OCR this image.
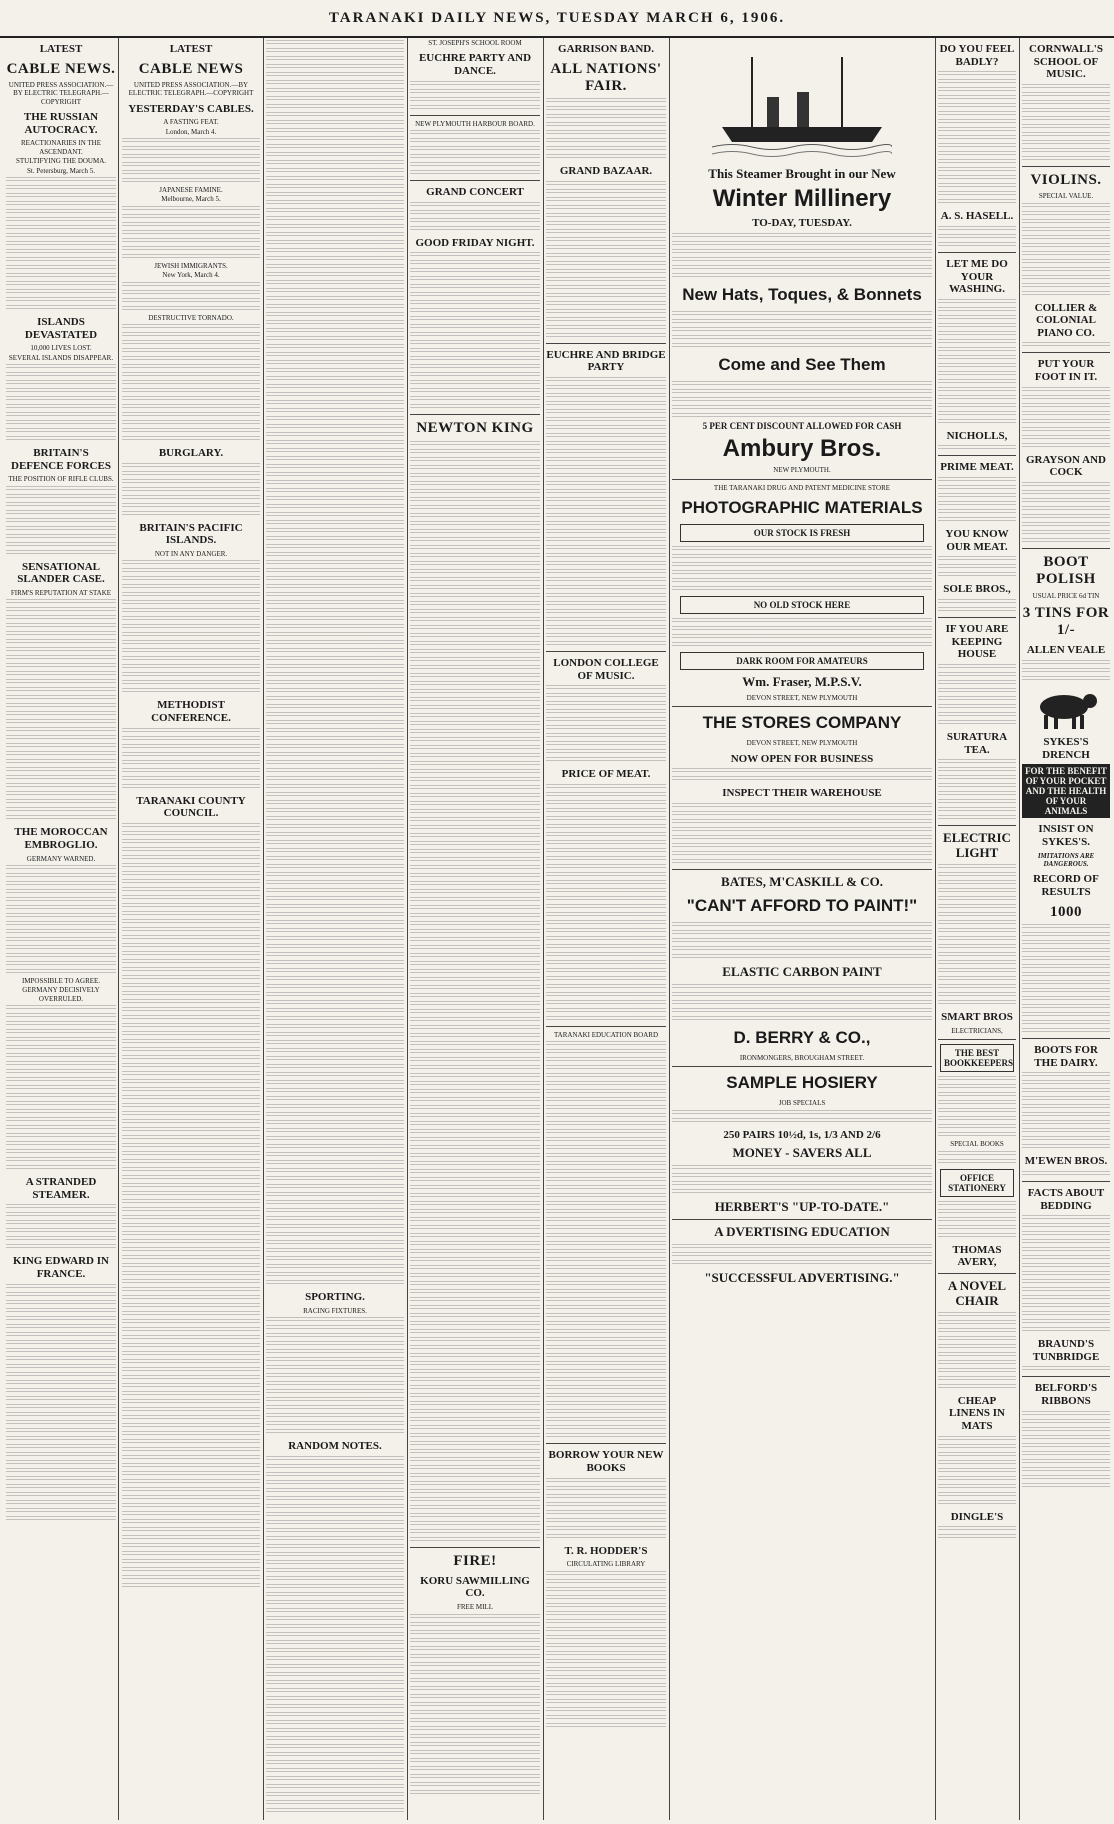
TARANAKI DAILY NEWS, TUESDAY MARCH 6, 1906.
LATEST
CABLE NEWS.
UNITED PRESS ASSOCIATION.—BY ELECTRIC TELEGRAPH.—COPYRIGHT
THE RUSSIAN AUTOCRACY.
REACTIONARIES IN THE ASCENDANT.
STULTIFYING THE DOUMA.
St. Petersburg, March 5.
ISLANDS DEVASTATED
10,000 LIVES LOST.
SEVERAL ISLANDS DISAPPEAR.
BRITAIN'S DEFENCE FORCES
THE POSITION OF RIFLE CLUBS.
SENSATIONAL SLANDER CASE.
FIRM'S REPUTATION AT STAKE
THE MOROCCAN EMBROGLIO.
GERMANY WARNED.
IMPOSSIBLE TO AGREE.
GERMANY DECISIVELY OVERRULED.
A STRANDED STEAMER.
KING EDWARD IN FRANCE.
LATEST
CABLE NEWS
UNITED PRESS ASSOCIATION.—BY ELECTRIC TELEGRAPH.—COPYRIGHT
YESTERDAY'S CABLES.
A FASTING FEAT.
London, March 4.
JAPANESE FAMINE.
Melbourne, March 5.
JEWISH IMMIGRANTS.
New York, March 4.
DESTRUCTIVE TORNADO.
BURGLARY.
BRITAIN'S PACIFIC ISLANDS.
NOT IN ANY DANGER.
METHODIST CONFERENCE.
TARANAKI COUNTY COUNCIL.
SPORTING.
RACING FIXTURES.
RANDOM NOTES.
ST. JOSEPH'S SCHOOL ROOM
EUCHRE PARTY AND DANCE.
NEW PLYMOUTH HARBOUR BOARD.
GRAND CONCERT
GOOD FRIDAY NIGHT.
NEWTON KING
FIRE!
KORU SAWMILLING CO.
FREE MILL
GARRISON BAND.
ALL NATIONS' FAIR.
GRAND BAZAAR.
EUCHRE AND BRIDGE PARTY
LONDON COLLEGE OF MUSIC.
PRICE OF MEAT.
TARANAKI EDUCATION BOARD
BORROW YOUR NEW BOOKS
T. R. HODDER'S
CIRCULATING LIBRARY
This Steamer Brought in our New
Winter Millinery
TO-DAY, TUESDAY.
New Hats, Toques, & Bonnets
Come and See Them
5 PER CENT DISCOUNT ALLOWED FOR CASH
Ambury Bros.
NEW PLYMOUTH.
THE TARANAKI DRUG AND PATENT MEDICINE STORE
PHOTOGRAPHIC MATERIALS
OUR STOCK IS FRESH
NO OLD STOCK HERE
DARK ROOM FOR AMATEURS
Wm. Fraser, M.P.S.V.
DEVON STREET, NEW PLYMOUTH
THE STORES COMPANY
DEVON STREET, NEW PLYMOUTH
NOW OPEN FOR BUSINESS
INSPECT THEIR WAREHOUSE
BATES, M'CASKILL & CO.
"CAN'T AFFORD TO PAINT!"
ELASTIC CARBON PAINT
D. BERRY & CO.,
IRONMONGERS, BROUGHAM STREET.
SAMPLE HOSIERY
JOB SPECIALS
250 PAIRS 10½d, 1s, 1/3 AND 2/6
MONEY - SAVERS ALL
HERBERT'S "UP-TO-DATE."
A DVERTISING EDUCATION
"SUCCESSFUL ADVERTISING."
DO YOU FEEL BADLY?
A. S. HASELL.
LET ME DO YOUR WASHING.
NICHOLLS,
PRIME MEAT.
YOU KNOW OUR MEAT.
SOLE BROS.,
IF YOU ARE KEEPING HOUSE
SURATURA TEA.
ELECTRIC LIGHT
SMART BROS
ELECTRICIANS,
THE BEST BOOKKEEPERS
SPECIAL BOOKS
OFFICE STATIONERY
THOMAS AVERY,
A NOVEL CHAIR
CHEAP LINENS IN MATS
DINGLE'S
CORNWALL'S SCHOOL OF MUSIC.
VIOLINS.
SPECIAL VALUE.
COLLIER & COLONIAL PIANO CO.
PUT YOUR FOOT IN IT.
GRAYSON AND COCK
BOOT POLISH
USUAL PRICE 6d TIN
3 TINS FOR 1/-
ALLEN VEALE
SYKES'S DRENCH
FOR THE BENEFIT OF YOUR POCKET AND THE HEALTH OF YOUR ANIMALS
INSIST ON SYKES'S.
IMITATIONS ARE DANGEROUS.
RECORD OF RESULTS
1000
BOOTS FOR THE DAIRY.
M'EWEN BROS.
FACTS ABOUT BEDDING
BRAUND'S TUNBRIDGE
BELFORD'S RIBBONS
